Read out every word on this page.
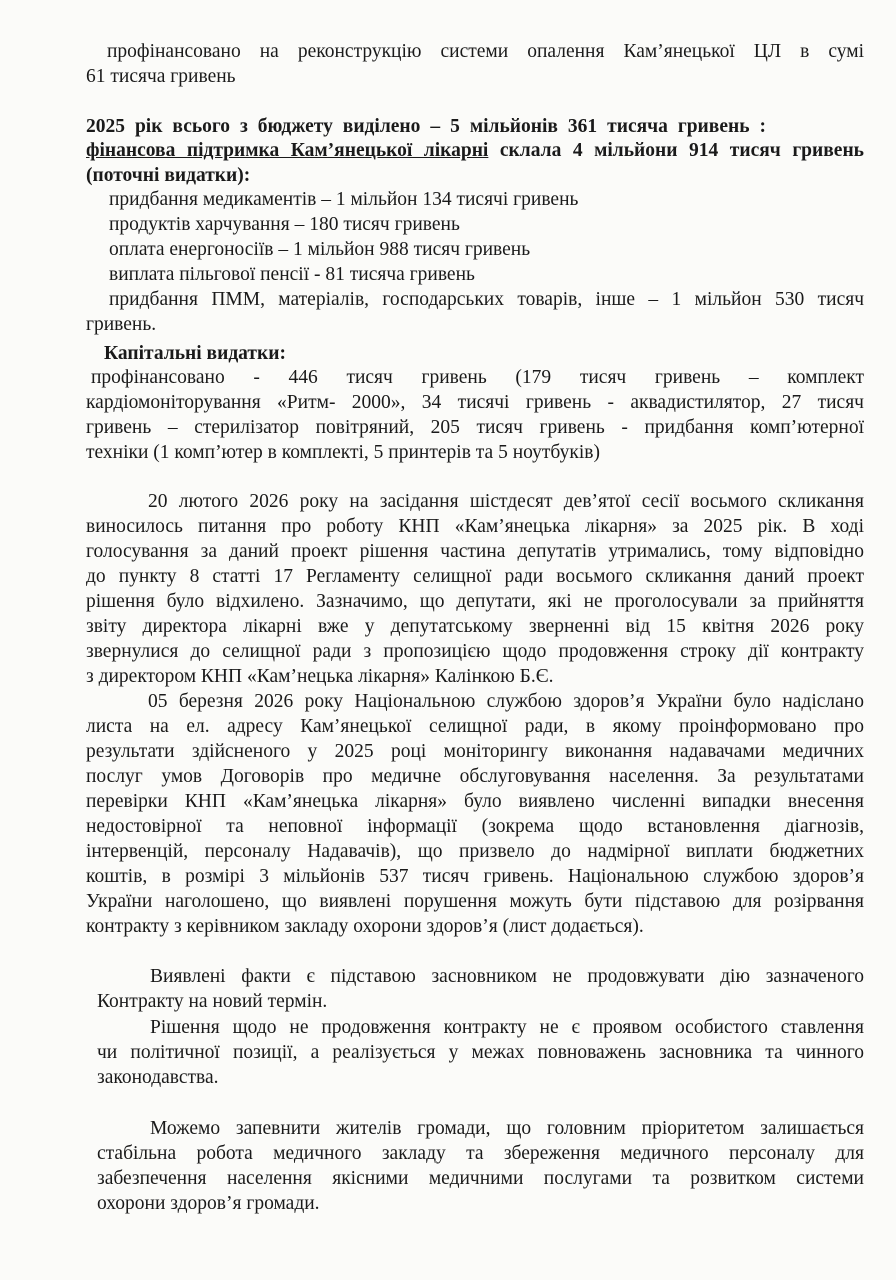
профінансовано на реконструкцію системи опалення Кам’янецької ЦЛ в сумі

61 тисяча гривень

2025 рік всього з бюджету виділено – 5 мільйонів 361 тисяча гривень :

фінансова підтримка Кам’янецької лікарні склала 4 мільйони 914 тисяч гривень

(поточні видатки):

придбання медикаментів – 1 мільйон 134 тисячі гривень

продуктів харчування – 180 тисяч гривень

оплата енергоносіїв – 1 мільйон 988 тисяч гривень

виплата пільгової пенсії - 81 тисяча гривень

придбання ПММ, матеріалів, господарських товарів, інше – 1 мільйон 530 тисяч

гривень.

Капітальні видатки:

профінансовано - 446 тисяч гривень (179 тисяч гривень – комплект

кардіомоніторування «Ритм- 2000», 34 тисячі гривень - аквадистилятор, 27 тисяч

гривень – стерилізатор повітряний, 205 тисяч гривень - придбання комп’ютерної

техніки (1 комп’ютер в комплекті, 5 принтерів та 5 ноутбуків)

20 лютого 2026 року на засідання шістдесят дев’ятої сесії восьмого скликання

виносилось питання про роботу КНП «Кам’янецька лікарня» за 2025 рік. В ході

голосування за даний проект рішення частина депутатів утримались, тому відповідно

до пункту 8 статті 17 Регламенту селищної ради восьмого скликання даний проект

рішення було відхилено. Зазначимо, що депутати, які не проголосували за прийняття

звіту директора лікарні вже у депутатському зверненні від 15 квітня 2026 року

звернулися до селищної ради з пропозицією щодо продовження строку дії контракту

з директором КНП «Кам’нецька лікарня» Калінкою Б.Є.

05 березня 2026 року Національною службою здоров’я України було надіслано

листа на ел. адресу Кам’янецької селищної ради, в якому проінформовано про

результати здійсненого у 2025 році моніторингу виконання надавачами медичних

послуг умов Договорів про медичне обслуговування населення. За результатами

перевірки КНП «Кам’янецька лікарня» було виявлено численні випадки внесення

недостовірної та неповної інформації (зокрема щодо встановлення діагнозів,

інтервенцій, персоналу Надавачів), що призвело до надмірної виплати бюджетних

коштів, в розмірі 3 мільйонів 537 тисяч гривень. Національною службою здоров’я

України наголошено, що виявлені порушення можуть бути підставою для розірвання

контракту з керівником закладу охорони здоров’я (лист додається).

Виявлені факти є підставою засновником не продовжувати дію зазначеного

Контракту на новий термін.

Рішення щодо не продовження контракту не є проявом особистого ставлення

чи політичної позиції, а реалізується у межах повноважень засновника та чинного

законодавства.

Можемо запевнити жителів громади, що головним пріоритетом залишається

стабільна робота медичного закладу та збереження медичного персоналу для

забезпечення населення якісними медичними послугами та розвитком системи

охорони здоров’я громади.
